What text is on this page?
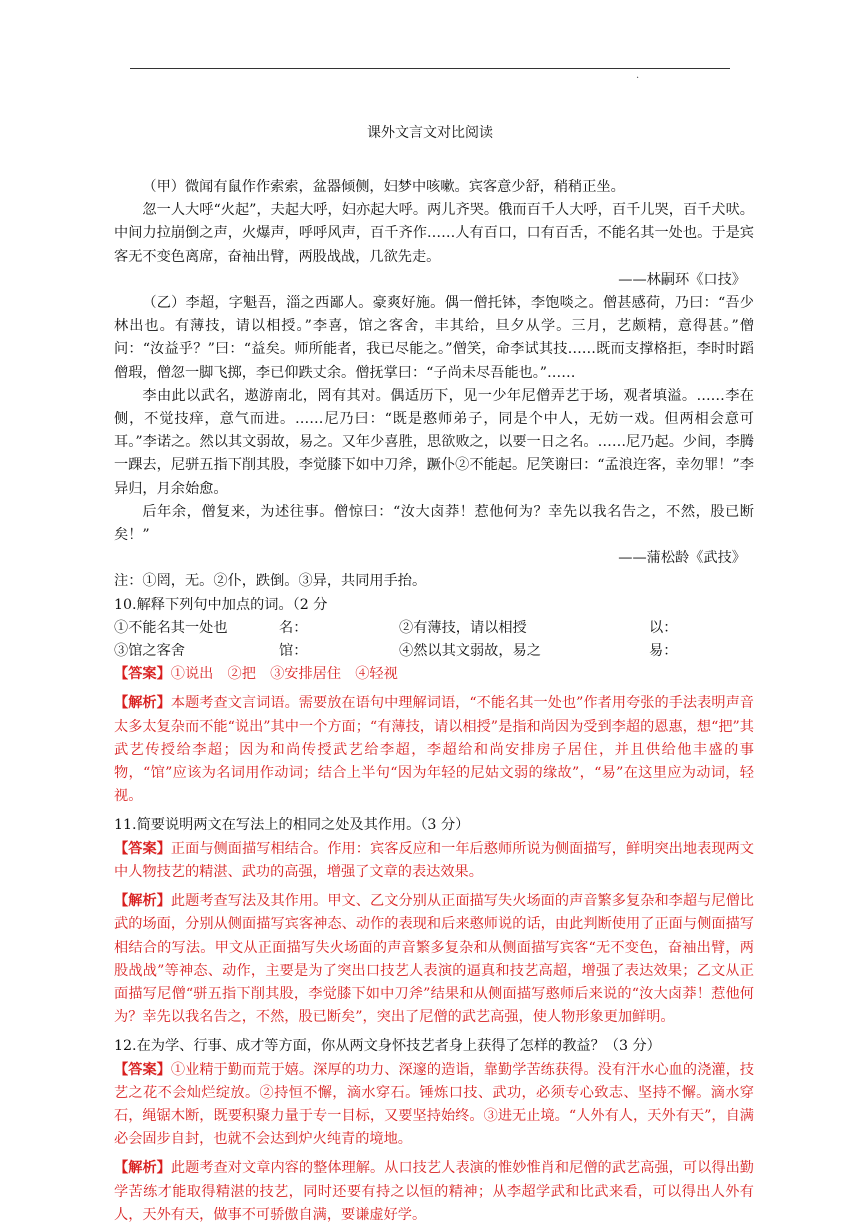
·
课外文言文对比阅读

（甲）微闻有鼠作作索索，盆器倾侧，妇梦中咳嗽。宾客意少舒，稍稍正坐。

忽一人大呼“火起”，夫起大呼，妇亦起大呼。两儿齐哭。俄而百千人大呼，百千儿哭，百千犬吠。中间力拉崩倒之声，火爆声，呼呼风声，百千齐作……人有百口，口有百舌，不能名其一处也。于是宾客无不变色离席，奋袖出臂，两股战战，几欲先走。

——林嗣环《口技》

（乙）李超，字魁吾，淄之西鄙人。豪爽好施。偶一僧托钵，李饱啖之。僧甚感荷，乃曰：“吾少林出也。有薄技，请以相授。”李喜，馆之客舍，丰其给，旦夕从学。三月，艺颇精，意得甚。”僧问：“汝益乎？”曰：“益矣。师所能者，我已尽能之。”僧笑，命李试其技……既而支撑格拒，李时时蹈僧瑕，僧忽一脚飞掷，李已仰跌丈余。僧抚掌曰：“子尚未尽吾能也。”……

李由此以武名，遨游南北，罔有其对。偶适历下，见一少年尼僧弄艺于场，观者填溢。……李在侧，不觉技痒，意气而进。……尼乃曰：“既是憨师弟子，同是个中人，无妨一戏。但两相会意可耳。”李诺之。然以其文弱故，易之。又年少喜胜，思欲败之，以要一日之名。……尼乃起。少间，李腾一踝去，尼骈五指下削其股，李觉膝下如中刀斧，蹶仆②不能起。尼笑谢曰：“孟浪迕客，幸勿罪！”李异归，月余始愈。

后年余，僧复来，为述往事。僧惊曰：“汝大卤莽！惹他何为？幸先以我名告之，不然，股已断矣！”

——蒲松龄《武技》

注：①罔，无。②仆，跌倒。③异，共同用手抬。

10.解释下列句中加点的词。（2 分

①不能名其一处也	名：	②有薄技，请以相授	以：
③馆之客舍	馆：	④然以其文弱故，易之	易：

【答案】①说出　②把　③安排居住　④轻视

【解析】本题考查文言词语。需要放在语句中理解词语，“不能名其一处也”作者用夸张的手法表明声音太多太复杂而不能“说出”其中一个方面；“有薄技，请以相授”是指和尚因为受到李超的恩惠，想“把”其武艺传授给李超；因为和尚传授武艺给李超，李超给和尚安排房子居住，并且供给他丰盛的事物，“馆”应该为名词用作动词；结合上半句“因为年轻的尼姑文弱的缘故”，“易”在这里应为动词，轻视。

11.简要说明两文在写法上的相同之处及其作用。（3 分）

【答案】正面与侧面描写相结合。作用：宾客反应和一年后憨师所说为侧面描写，鲜明突出地表现两文中人物技艺的精湛、武功的高强，增强了文章的表达效果。

【解析】此题考查写法及其作用。甲文、乙文分别从正面描写失火场面的声音繁多复杂和李超与尼僧比武的场面，分别从侧面描写宾客神态、动作的表现和后来憨师说的话，由此判断使用了正面与侧面描写相结合的写法。甲文从正面描写失火场面的声音繁多复杂和从侧面描写宾客“无不变色，奋袖出臂，两股战战”等神态、动作，主要是为了突出口技艺人表演的逼真和技艺高超，增强了表达效果；乙文从正面描写尼僧“骈五指下削其股，李觉膝下如中刀斧”结果和从侧面描写憨师后来说的“汝大卤莽！惹他何为？幸先以我名告之，不然，股已断矣”，突出了尼僧的武艺高强，使人物形象更加鲜明。

12.在为学、行事、成才等方面，你从两文身怀技艺者身上获得了怎样的教益？（3 分）

【答案】①业精于勤而荒于嬉。深厚的功力、深邃的造诣，靠勤学苦练获得。没有汗水心血的浇灌，技艺之花不会灿烂绽放。②持恒不懈，滴水穿石。锤炼口技、武功，必须专心致志、坚持不懈。滴水穿石，绳锯木断，既要积聚力量于专一目标，又要坚持始终。③进无止境。“人外有人，天外有天”，自满必会固步自封，也就不会达到炉火纯青的境地。

【解析】此题考查对文章内容的整体理解。从口技艺人表演的惟妙惟肖和尼僧的武艺高强，可以得出勤学苦练才能取得精湛的技艺，同时还要有持之以恒的精神；从李超学武和比武来看，可以得出人外有人，天外有天，做事不可骄傲自满，要谦虚好学。
